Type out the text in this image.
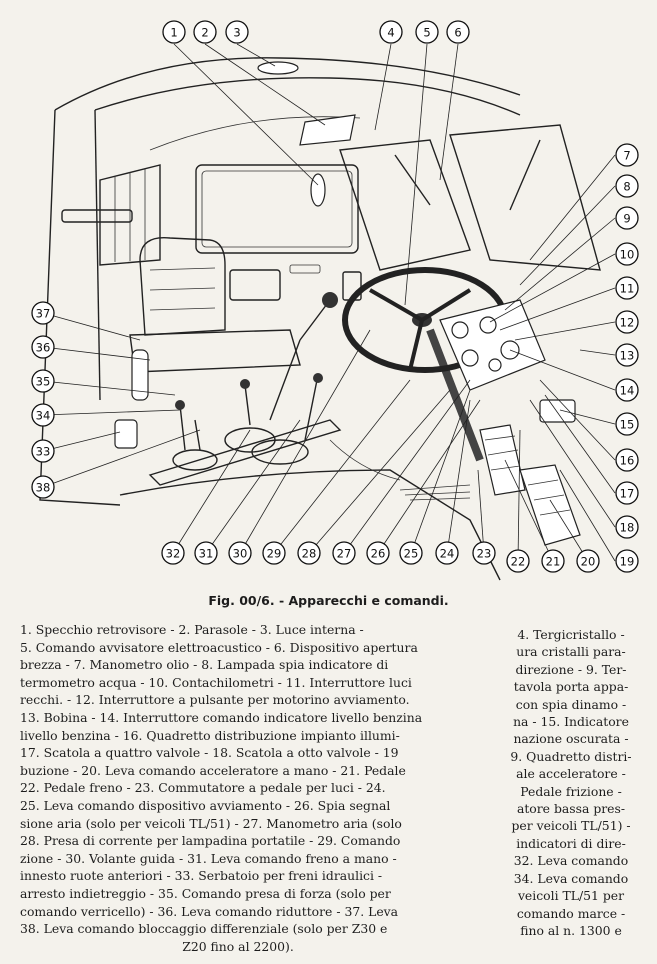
1 2 3	4 5 6
7
8
9
10
11
12
13
14
15
16
17
18
19
20
21
22
23
24
25
26
27
28
29
30
31
32
33
34
35
36
37
38
Fig. 00/6. - Apparecchi e comandi.
1. Specchio retrovisore - 2. Parasole - 3. Luce interna -
5. Comando avvisatore elettroacustico - 6. Dispositivo apertura
brezza - 7. Manometro olio - 8. Lampada spia indicatore di
termometro acqua - 10. Contachilometri - 11. Interruttore luci
recchi. - 12. Interruttore a pulsante per motorino avviamento.
13. Bobina - 14. Interruttore comando indicatore livello benzina
livello benzina - 16. Quadretto distribuzione impianto illumi-
17. Scatola a quattro valvole - 18. Scatola a otto valvole - 19
buzione - 20. Leva comando acceleratore a mano - 21. Pedale
22. Pedale freno - 23. Commutatore a pedale per luci - 24.
25. Leva comando dispositivo avviamento - 26. Spia segnal
sione aria (solo per veicoli TL/51) - 27. Manometro aria (solo
28. Presa di corrente per lampadina portatile - 29. Comando
zione - 30. Volante guida - 31. Leva comando freno a mano -
innesto ruote anteriori - 33. Serbatoio per freni idraulici -
arresto indietreggio - 35. Comando presa di forza (solo per
comando verricello) - 36. Leva comando riduttore - 37. Leva
38. Leva comando bloccaggio differenziale (solo per Z30 e
Z20 fino al 2200).
4. Tergicristallo -
ura cristalli para-
direzione - 9. Ter-
tavola porta appa-
con spia dinamo -
na - 15. Indicatore
nazione oscurata -
9. Quadretto distri-
ale acceleratore -
Pedale frizione -
atore bassa pres-
per veicoli TL/51) -
indicatori di dire-
32. Leva comando
34. Leva comando
veicoli TL/51 per
comando marce -
fino al n. 1300 e
